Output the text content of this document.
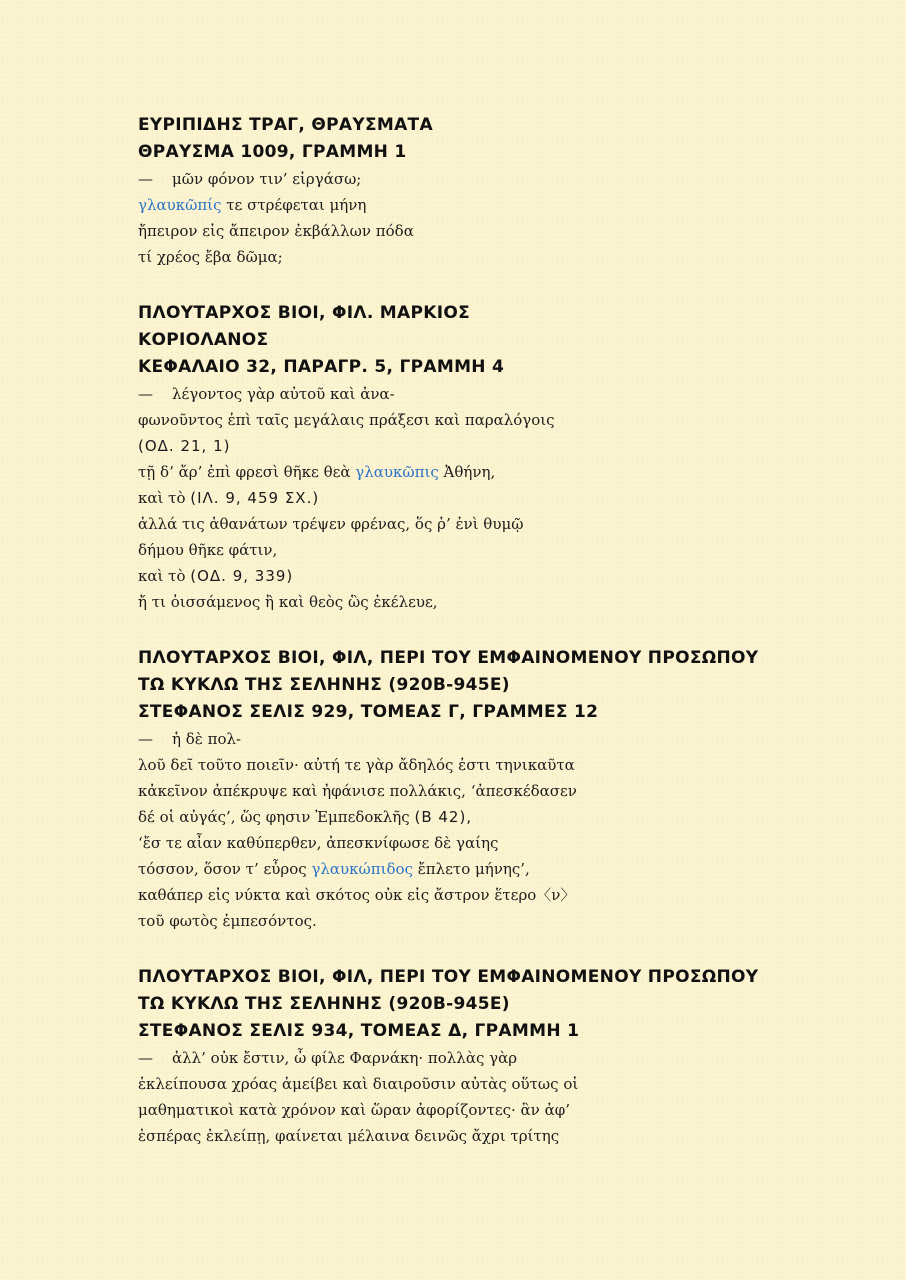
ΕΥΡΙΠΙΔΗΣ ΤΡΑΓ, ΘΡΑΥΣΜΑΤΑ
ΘΡΑΥΣΜΑ 1009, ΓΡΑΜΜΗ 1
— μῶν φόνον τιν’ εἰργάσω;
γλαυκῶπίς τε στρέφεται μήνη
ἤπειρον εἰς ἄπειρον ἐκβάλλων πόδα
τί χρέος ἔβα δῶμα;
ΠΛΟΥΤΑΡΧΟΣ ΒΙΟΙ, ΦΙΛ. ΜΑΡΚΙΟΣ
ΚΟΡΙΟΛΑΝΟΣ
ΚΕΦΑΛΑΙΟ 32, ΠΑΡΑΓΡ. 5, ΓΡΑΜΜΗ 4
— λέγοντος γὰρ αὐτοῦ καὶ ἀνα-
φωνοῦντος ἐπὶ ταῖς μεγάλαις πράξεσι καὶ παραλόγοις
(ΟΔ. 21, 1)
τῇ δ’ ἄρ’ ἐπὶ φρεσὶ θῆκε θεὰ γλαυκῶπις Ἀθήνη,
καὶ τὸ (ΙΛ. 9, 459 ΣΧ.)
ἀλλά τις ἀθανάτων τρέψεν φρένας, ὅς ῥ’ ἐνὶ θυμῷ
δήμου θῆκε φάτιν,
καὶ τὸ (ΟΔ. 9, 339)
ἤ τι ὀισσάμενος ἢ καὶ θεὸς ὣς ἐκέλευε,
ΠΛΟΥΤΑΡΧΟΣ ΒΙΟΙ, ΦΙΛ, ΠΕΡΙ ΤΟΥ ΕΜΦΑΙΝΟΜΕΝΟΥ ΠΡΟΣΩΠΟΥ
ΤΩ ΚΥΚΛΩ ΤΗΣ ΣΕΛΗΝΗΣ (920B-945E)
ΣΤΕΦΑΝΟΣ ΣΕΛΙΣ 929, ΤΟΜΕΑΣ Γ, ΓΡΑΜΜΕΣ 12
— ἡ δὲ πολ-
λοῦ δεῖ τοῦτο ποιεῖν· αὐτή τε γὰρ ἄδηλός ἐστι τηνικαῦτα
κἀκεῖνον ἀπέκρυψε καὶ ἠφάνισε πολλάκις, ‘ἀπεσκέδασεν
δέ οἱ αὐγάς’, ὥς φησιν Ἐμπεδοκλῆς (Β 42),
‘ἔσ τε αἶαν καθύπερθεν, ἀπεσκνίφωσε δὲ γαίης
τόσσον, ὅσον τ’ εὖρος γλαυκώπιδος ἔπλετο μήνης’,
καθάπερ εἰς νύκτα καὶ σκότος οὐκ εἰς ἄστρον ἕτερο〈ν〉
τοῦ φωτὸς ἐμπεσόντος.
ΠΛΟΥΤΑΡΧΟΣ ΒΙΟΙ, ΦΙΛ, ΠΕΡΙ ΤΟΥ ΕΜΦΑΙΝΟΜΕΝΟΥ ΠΡΟΣΩΠΟΥ
ΤΩ ΚΥΚΛΩ ΤΗΣ ΣΕΛΗΝΗΣ (920B-945E)
ΣΤΕΦΑΝΟΣ ΣΕΛΙΣ 934, ΤΟΜΕΑΣ Δ, ΓΡΑΜΜΗ 1
— ἀλλ’ οὐκ ἔστιν, ὦ φίλε Φαρνάκη· πολλὰς γὰρ
ἐκλείπουσα χρόας ἀμείβει καὶ διαιροῦσιν αὐτὰς οὕτως οἱ
μαθηματικοὶ κατὰ χρόνον καὶ ὥραν ἀφορίζοντες· ἂν ἀφ’
ἑσπέρας ἐκλείπῃ, φαίνεται μέλαινα δεινῶς ἄχρι τρίτης
